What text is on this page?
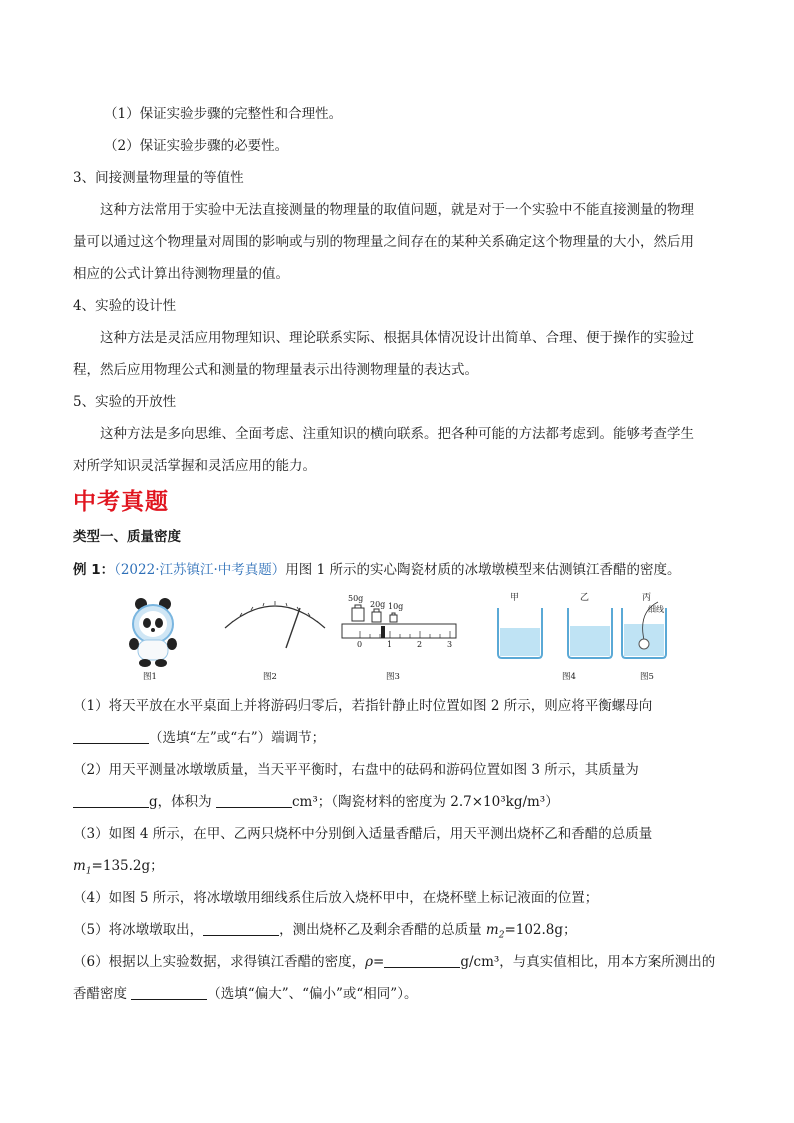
（1）保证实验步骤的完整性和合理性。
（2）保证实验步骤的必要性。
3、间接测量物理量的等值性
这种方法常用于实验中无法直接测量的物理量的取值问题，就是对于一个实验中不能直接测量的物理
量可以通过这个物理量对周围的影响或与别的物理量之间存在的某种关系确定这个物理量的大小，然后用
相应的公式计算出待测物理量的值。
4、实验的设计性
这种方法是灵活应用物理知识、理论联系实际、根据具体情况设计出简单、合理、便于操作的实验过
程，然后应用物理公式和测量的物理量表示出待测物理量的表达式。
5、实验的开放性
这种方法是多向思维、全面考虑、注重知识的横向联系。把各种可能的方法都考虑到。能够考查学生
对所学知识灵活掌握和灵活应用的能力。
中考真题
类型一、质量密度
例 1：（2022·江苏镇江·中考真题）用图 1 所示的实心陶瓷材质的冰墩墩模型来估测镇江香醋的密度。
图1	图2
50g
20g 10g
0	1	2	3
图3
甲	乙
图4
丙
细线
图5
（1）将天平放在水平桌面上并将游码归零后，若指针静止时位置如图 2 所示，则应将平衡螺母向
（选填“左”或“右”）端调节；
（2）用天平测量冰墩墩质量，当天平平衡时，右盘中的砝码和游码位置如图 3 所示，其质量为
g，体积为	cm³；（陶瓷材料的密度为 2.7×10³kg/m³）
（3）如图 4 所示，在甲、乙两只烧杯中分别倒入适量香醋后，用天平测出烧杯乙和香醋的总质量
$m_1=135.2g$；
（4）如图 5 所示，将冰墩墩用细线系住后放入烧杯甲中，在烧杯壁上标记液面的位置；
（5）将冰墩墩取出，	，测出烧杯乙及剩余香醋的总质量 $m_2=102.8g$；
（6）根据以上实验数据，求得镇江香醋的密度，ρ=	g/cm³，与真实值相比，用本方案所测出的
香醋密度	（选填“偏大”、“偏小”或“相同”）。
